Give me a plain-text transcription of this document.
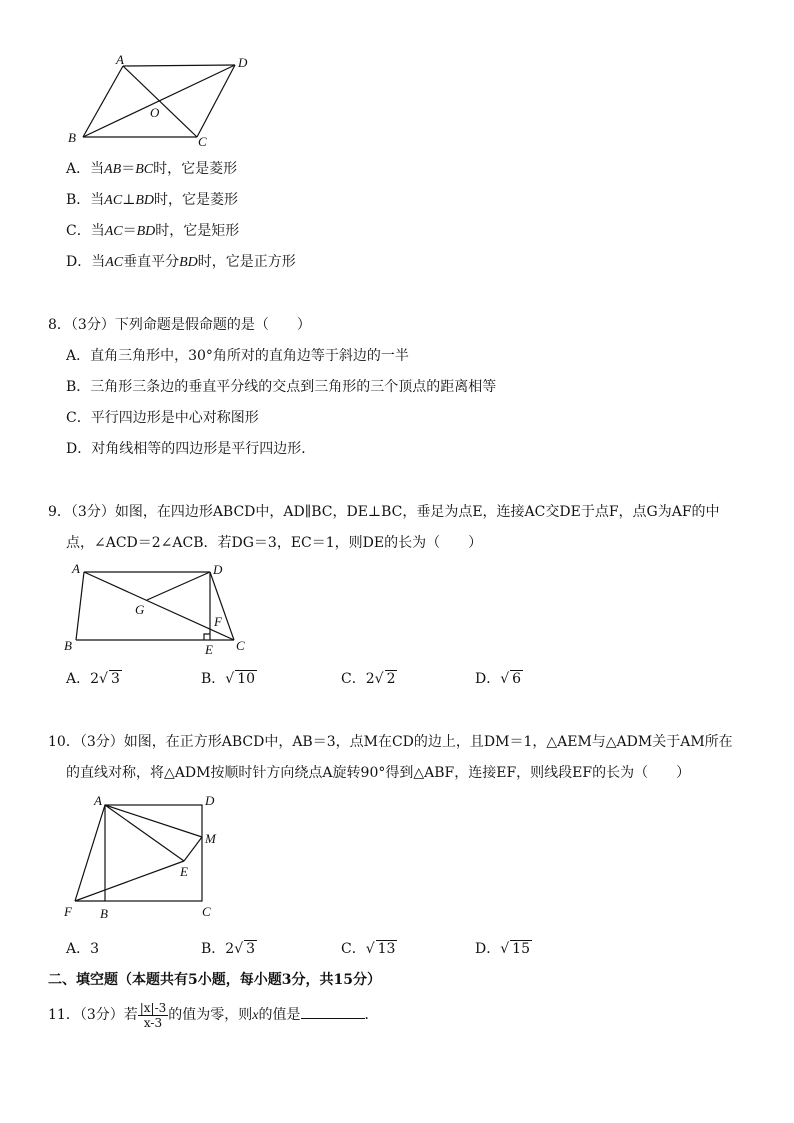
A	D
O
B	C
A．当AB＝BC时，它是菱形
B．当AC⊥BD时，它是菱形
C．当AC＝BD时，它是矩形
D．当AC垂直平分BD时，它是正方形
8．（3分）下列命题是假命题的是（　　）
A．直角三角形中，30°角所对的直角边等于斜边的一半
B．三角形三条边的垂直平分线的交点到三角形的三个顶点的距离相等
C．平行四边形是中心对称图形
D．对角线相等的四边形是平行四边形．
9．（3分）如图，在四边形ABCD中，AD∥BC，DE⊥BC，垂足为点E，连接AC交DE于点F，点G为AF的中
点，∠ACD＝2∠ACB．若DG＝3，EC＝1，则DE的长为（　　）
A	D
G
F
B	E C
A．2√ 3	B．√ 10	C．2√ 2	D．√ 6
10．（3分）如图，在正方形ABCD中，AB＝3，点M在CD的边上，且DM＝1，△AEM与△ADM关于AM所在
的直线对称，将△ADM按顺时针方向绕点A旋转90°得到△ABF，连接EF，则线段EF的长为（　　）
A	D
M
E
F B	C
A．3	B．2√ 3	C．√ 13	D．√ 15
二、填空题（本题共有5小题，每小题3分，共15分）
11．（3分）若 $\frac{|x|-3}{x-3}$ 的值为零，则x的值是	．
